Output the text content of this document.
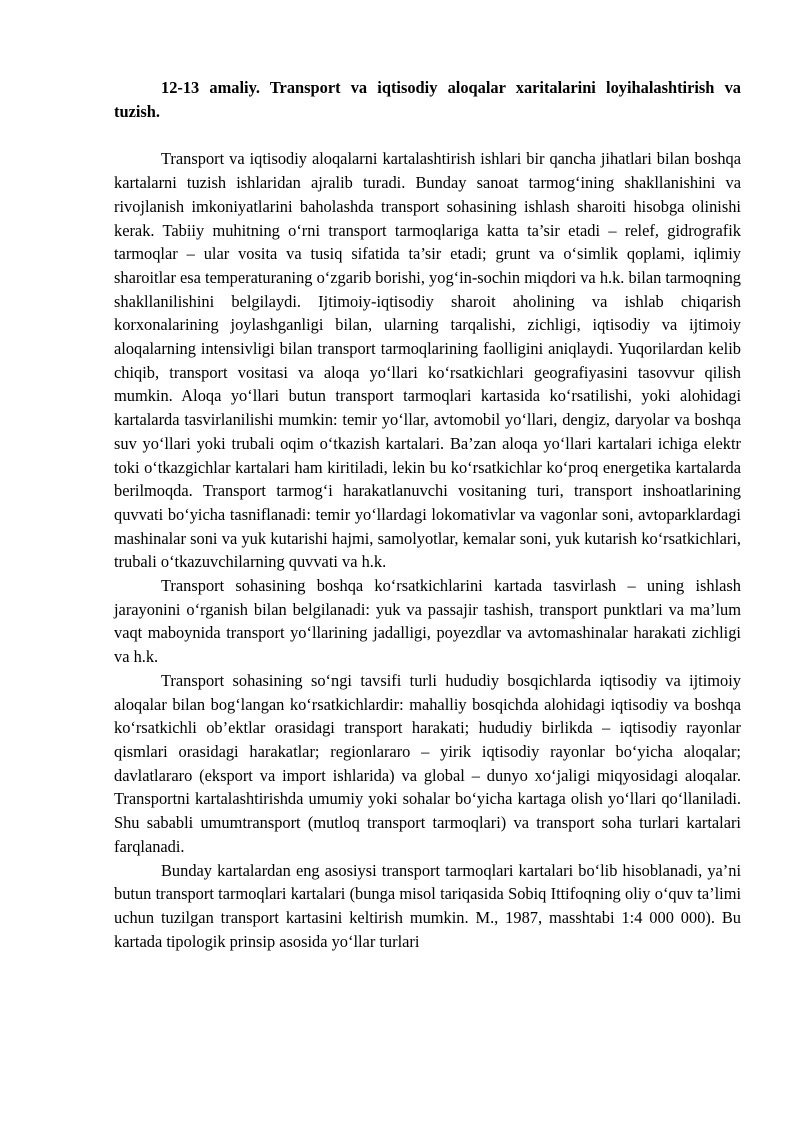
12-13 amaliy. Transport va iqtisodiy aloqalar xaritalarini loyihalashtirish va tuzish.

Transport va iqtisodiy aloqalarni kartalashtirish ishlari bir qancha jihatlari bilan boshqa kartalarni tuzish ishlaridan ajralib turadi. Bunday sanoat tarmogʻining shakllanishini va rivojlanish imkoniyatlarini baholashda transport sohasining ishlash sharoiti hisobga olinishi kerak. Tabiiy muhitning oʻrni transport tarmoqlariga katta ta’sir etadi – relef, gidrografik tarmoqlar – ular vosita va tusiq sifatida ta’sir etadi; grunt va oʻsimlik qoplami, iqlimiy sharoitlar esa temperaturaning oʻzgarib borishi, yogʻin-sochin miqdori va h.k. bilan tarmoqning shakllanilishini belgilaydi. Ijtimoiy-iqtisodiy sharoit aholining va ishlab chiqarish korxonalarining joylashganligi bilan, ularning tarqalishi, zichligi, iqtisodiy va ijtimoiy aloqalarning intensivligi bilan transport tarmoqlarining faolligini aniqlaydi. Yuqorilardan kelib chiqib, transport vositasi va aloqa yoʻllari koʻrsatkichlari geografiyasini tasovvur qilish mumkin. Aloqa yoʻllari butun transport tarmoqlari kartasida koʻrsatilishi, yoki alohidagi kartalarda tasvirlanilishi mumkin: temir yoʻllar, avtomobil yoʻllari, dengiz, daryolar va boshqa suv yoʻllari yoki trubali oqim oʻtkazish kartalari. Ba’zan aloqa yoʻllari kartalari ichiga elektr toki oʻtkazgichlar kartalari ham kiritiladi, lekin bu koʻrsatkichlar koʻproq energetika kartalarda berilmoqda. Transport tarmogʻi harakatlanuvchi vositaning turi, transport inshoatlarining quvvati boʻyicha tasniflanadi: temir yoʻllardagi lokomativlar va vagonlar soni, avtoparklardagi mashinalar soni va yuk kutarishi hajmi, samolyotlar, kemalar soni, yuk kutarish koʻrsatkichlari, trubali oʻtkazuvchilarning quvvati va h.k.

Transport sohasining boshqa koʻrsatkichlarini kartada tasvirlash – uning ishlash jarayonini oʻrganish bilan belgilanadi: yuk va passajir tashish, transport punktlari va ma’lum vaqt maboynida transport yoʻllarining jadalligi, poyezdlar va avtomashinalar harakati zichligi va h.k.

Transport sohasining soʻngi tavsifi turli hududiy bosqichlarda iqtisodiy va ijtimoiy aloqalar bilan bogʻlangan koʻrsatkichlardir: mahalliy bosqichda alohidagi iqtisodiy va boshqa koʻrsatkichli ob’ektlar orasidagi transport harakati; hududiy birlikda – iqtisodiy rayonlar qismlari orasidagi harakatlar; regionlararo – yirik iqtisodiy rayonlar boʻyicha aloqalar; davlatlararo (eksport va import ishlarida) va global – dunyo xoʻjaligi miqyosidagi aloqalar. Transportni kartalashtirishda umumiy yoki sohalar boʻyicha kartaga olish yoʻllari qoʻllaniladi. Shu sababli umumtransport (mutloq transport tarmoqlari) va transport soha turlari kartalari farqlanadi.

Bunday kartalardan eng asosiysi transport tarmoqlari kartalari boʻlib hisoblanadi, ya’ni butun transport tarmoqlari kartalari (bunga misol tariqasida Sobiq Ittifoqning oliy oʻquv ta’limi uchun tuzilgan transport kartasini keltirish mumkin. M., 1987, masshtabi 1:4 000 000). Bu kartada tipologik prinsip asosida yoʻllar turlari
